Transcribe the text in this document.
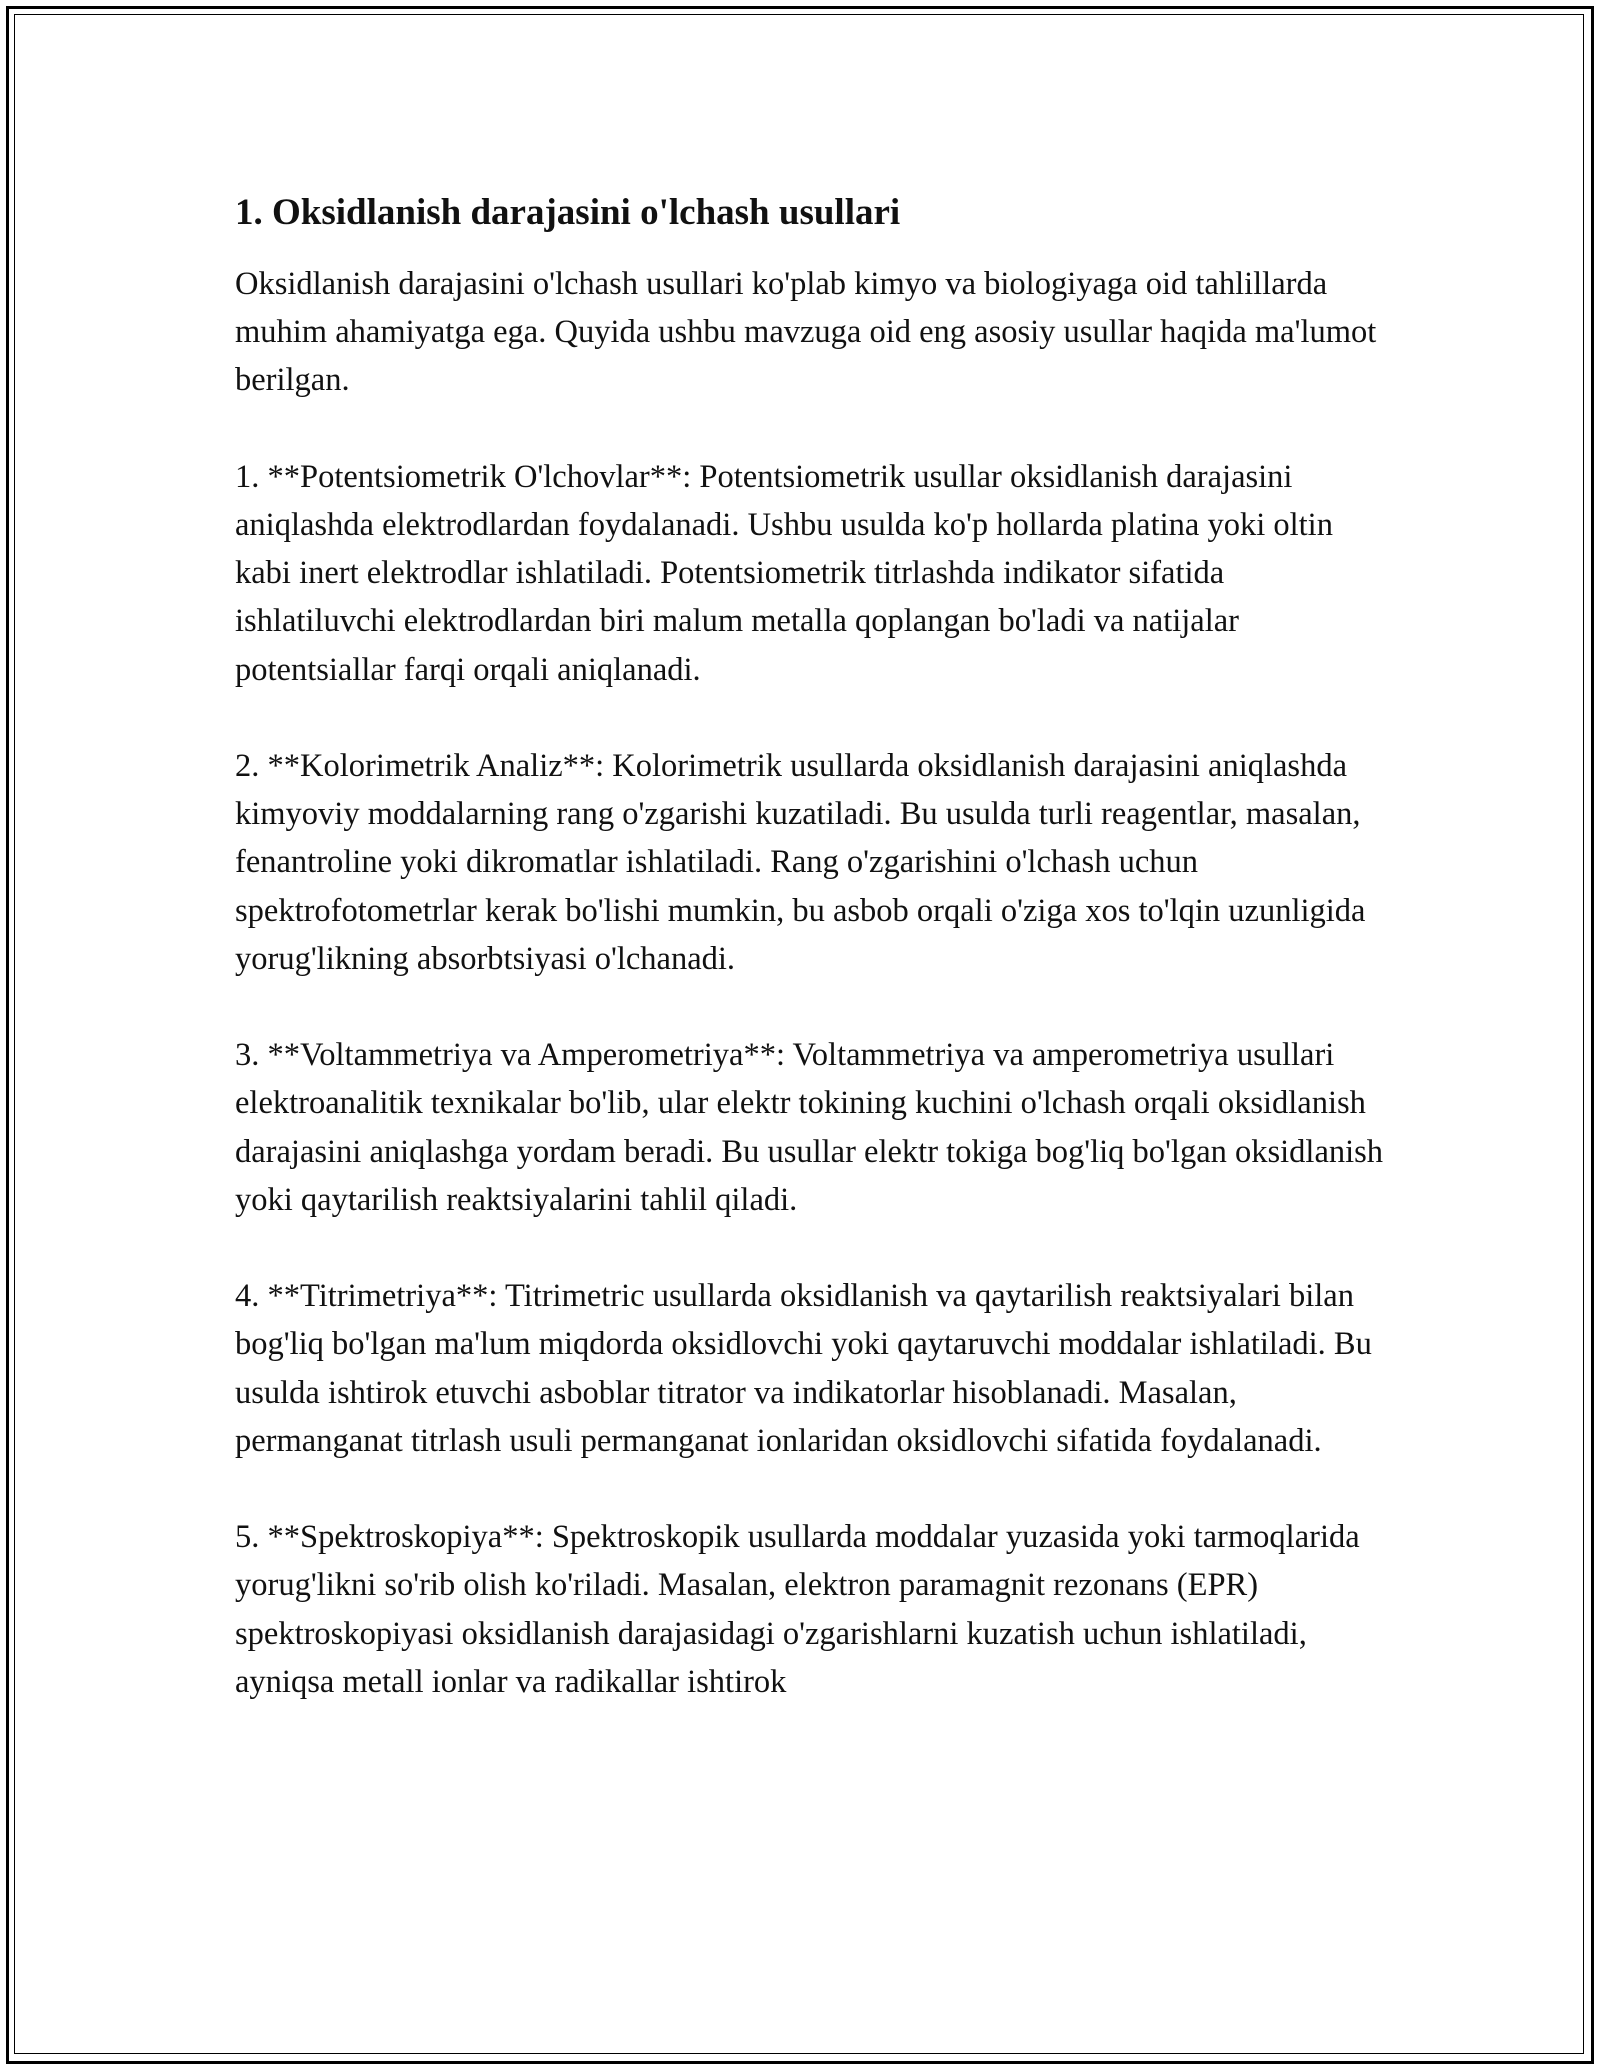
1. Oksidlanish darajasini o'lchash usullari

Oksidlanish darajasini o'lchash usullari ko'plab kimyo va biologiyaga oid tahlillarda muhim ahamiyatga ega. Quyida ushbu mavzuga oid eng asosiy usullar haqida ma'lumot berilgan.

1. **Potentsiometrik O'lchovlar**: Potentsiometrik usullar oksidlanish darajasini aniqlashda elektrodlardan foydalanadi. Ushbu usulda ko'p hollarda platina yoki oltin kabi inert elektrodlar ishlatiladi. Potentsiometrik titrlashda indikator sifatida ishlatiluvchi elektrodlardan biri malum metalla qoplangan bo'ladi va natijalar potentsiallar farqi orqali aniqlanadi.

2. **Kolorimetrik Analiz**: Kolorimetrik usullarda oksidlanish darajasini aniqlashda kimyoviy moddalarning rang o'zgarishi kuzatiladi. Bu usulda turli reagentlar, masalan, fenantroline yoki dikromatlar ishlatiladi. Rang o'zgarishini o'lchash uchun spektrofotometrlar kerak bo'lishi mumkin, bu asbob orqali o'ziga xos to'lqin uzunligida yorug'likning absorbtsiyasi o'lchanadi.

3. **Voltammetriya va Amperometriya**: Voltammetriya va amperometriya usullari elektroanalitik texnikalar bo'lib, ular elektr tokining kuchini o'lchash orqali oksidlanish darajasini aniqlashga yordam beradi. Bu usullar elektr tokiga bog'liq bo'lgan oksidlanish yoki qaytarilish reaktsiyalarini tahlil qiladi.

4. **Titrimetriya**: Titrimetric usullarda oksidlanish va qaytarilish reaktsiyalari bilan bog'liq bo'lgan ma'lum miqdorda oksidlovchi yoki qaytaruvchi moddalar ishlatiladi. Bu usulda ishtirok etuvchi asboblar titrator va indikatorlar hisoblanadi. Masalan, permanganat titrlash usuli permanganat ionlaridan oksidlovchi sifatida foydalanadi.

5. **Spektroskopiya**: Spektroskopik usullarda moddalar yuzasida yoki tarmoqlarida yorug'likni so'rib olish ko'riladi. Masalan, elektron paramagnit rezonans (EPR) spektroskopiyasi oksidlanish darajasidagi o'zgarishlarni kuzatish uchun ishlatiladi, ayniqsa metall ionlar va radikallar ishtirok
